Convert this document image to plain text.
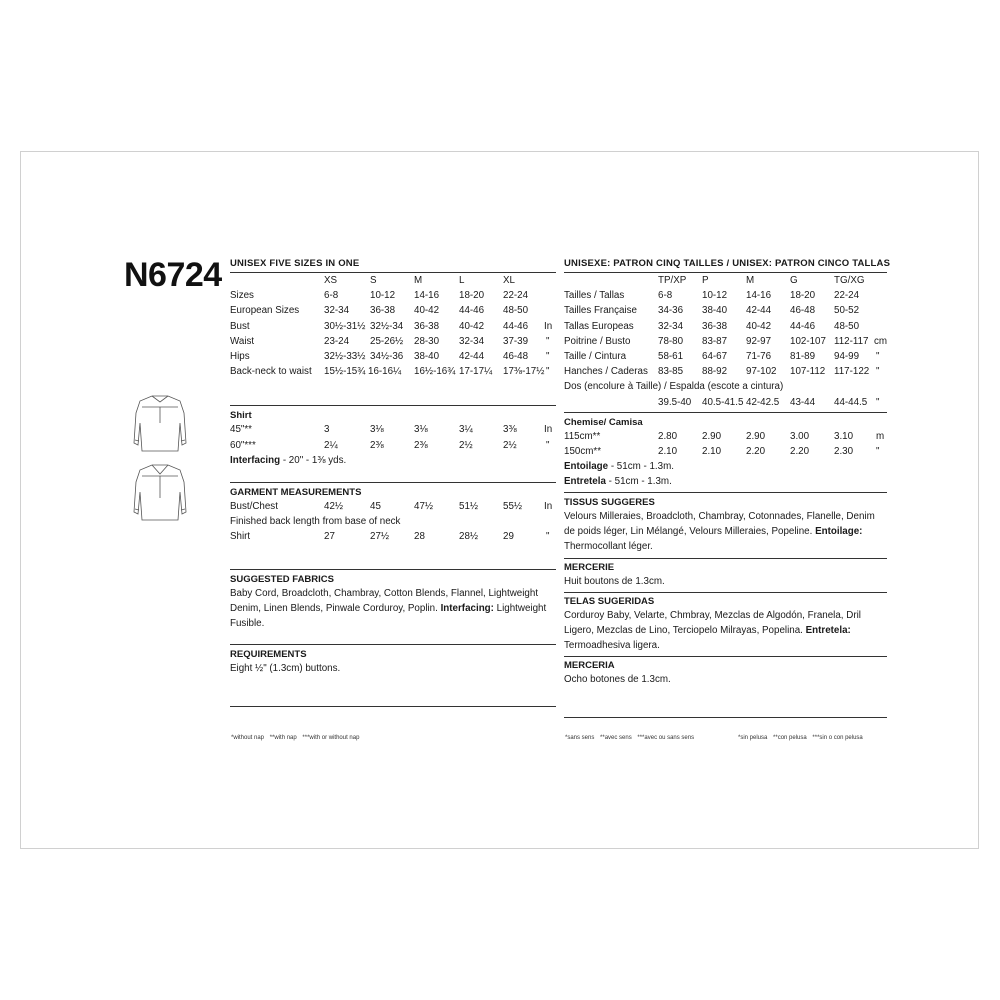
N6724 UNISEX FIVE SIZES IN ONE
XS	S	M	L	XL
Sizes	6-8	10-12 14-16 18-20 22-24
European Sizes	32-34 36-38 40-42 44-46 48-50
Bust	30½-31½ 32½-34 36-38 40-42 44-46 In
Waist	23-24 25-26½ 28-30 32-34 37-39 "
Hips	32½-33½ 34½-36 38-40 42-44 46-48 "
Back-neck to waist 15½-15¾ 16-16¼ 16½-16¾ 17-17¼ 17⅜-17½ "
Shirt
45"**	3	3⅛	3⅛	3¼	3⅜	In
60"***	2¼	2⅜	2⅜	2½	2½	"
Interfacing - 20" - 1⅜ yds.
GARMENT MEASUREMENTS
Bust/Chest	42½	45	47½	51½	55½ In
Finished back length from base of neck
Shirt	27	27½	28	28½	29	"
SUGGESTED FABRICS
Baby Cord, Broadcloth, Chambray, Cotton Blends, Flannel, Lightweight Denim, Linen Blends, Pinwale Corduroy, Poplin. Interfacing: Lightweight Fusible.
REQUIREMENTS
Eight ½" (1.3cm) buttons.
UNISEXE: PATRON CINQ TAILLES / UNISEX: PATRON CINCO TALLAS
TP/XP P	M	G	TG/XG
Tailles / Tallas	6-8	10-12 14-16 18-20 22-24
Tailles Française 34-36 38-40 42-44 46-48 50-52
Tallas Europeas 32-34 36-38 40-42 44-46 48-50
Poitrine / Busto	78-80 83-87 92-97 102-107 112-117 cm
Taille / Cintura	58-61 64-67 71-76 81-89 94-99 "
Hanches / Caderas 83-85 88-92 97-102 107-112 117-122 "
Dos (encolure à Taille) / Espalda (escote a cintura)
39.5-40 40.5-41.5 42-42.5 43-44 44-44.5 "
Chemise/ Camisa
115cm**	2.80	2.90	2.90	3.00	3.10 m
150cm**	2.10	2.10	2.20	2.20	2.30 "
Entoilage - 51cm - 1.3m.
Entretela - 51cm - 1.3m.
TISSUS SUGGERES
Velours Milleraies, Broadcloth, Chambray, Cotonnades, Flanelle, Denim de poids léger, Lin Mélangé, Velours Milleraies, Popeline. Entoilage: Thermocollant léger.
MERCERIE
Huit boutons de 1.3cm.
TELAS SUGERIDAS
Corduroy Baby, Velarte, Chmbray, Mezclas de Algodón, Franela, Dril Ligero, Mezclas de Lino, Terciopelo Milrayas, Popelina. Entretela: Termoadhesiva ligera.
MERCERIA
Ocho botones de 1.3cm.
*without nap **with nap ***with or without nap	*sans sens **avec sens ***avec ou sans sens	*sin pelusa **con pelusa ***sin o con pelusa
